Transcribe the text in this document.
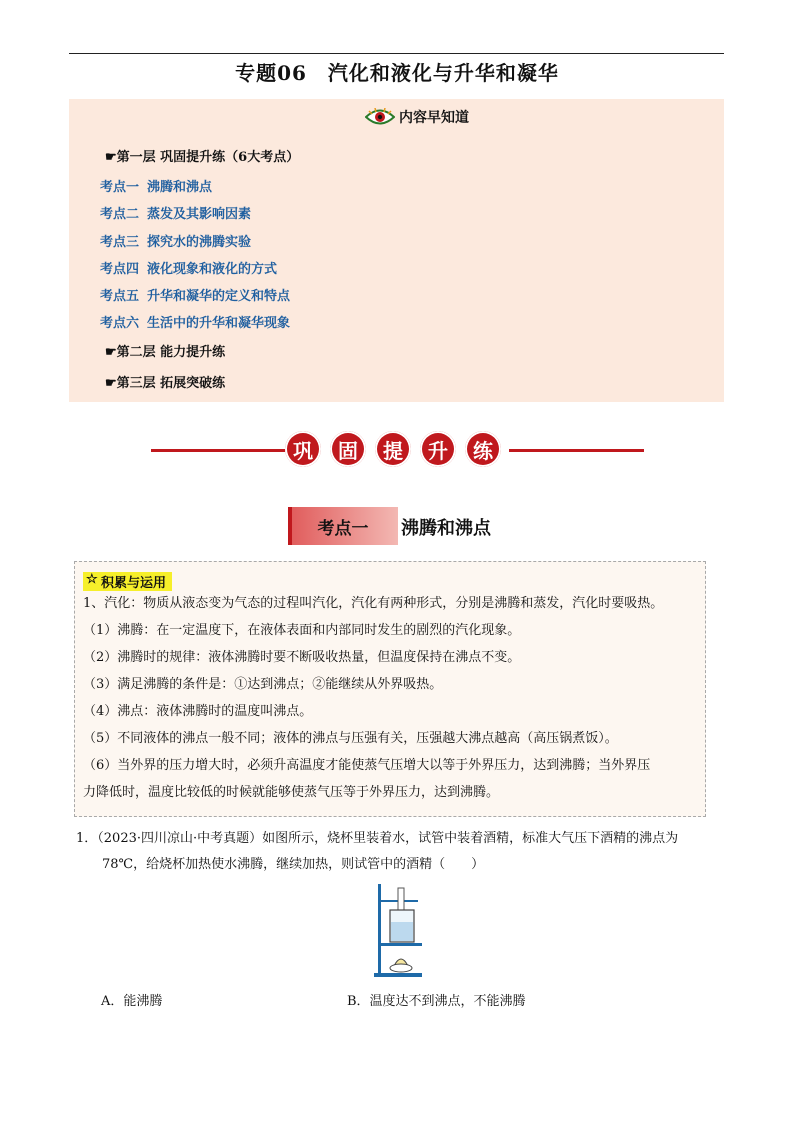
专题06　汽化和液化与升华和凝华
内容早知道
☛第一层 巩固提升练（6大考点）
考点一 沸腾和沸点
考点二 蒸发及其影响因素
考点三 探究水的沸腾实验
考点四 液化现象和液化的方式
考点五 升华和凝华的定义和特点
考点六 生活中的升华和凝华现象
☛第二层 能力提升练
☛第三层 拓展突破练
巩	固	提	升	练
考点一	沸腾和沸点
☆ 积累与运用
1、汽化：物质从液态变为气态的过程叫汽化，汽化有两种形式，分别是沸腾和蒸发，汽化时要吸热。
（1）沸腾：在一定温度下，在液体表面和内部同时发生的剧烈的汽化现象。
（2）沸腾时的规律：液体沸腾时要不断吸收热量，但温度保持在沸点不变。
（3）满足沸腾的条件是：①达到沸点；②能继续从外界吸热。
（4）沸点：液体沸腾时的温度叫沸点。
（5）不同液体的沸点一般不同；液体的沸点与压强有关，压强越大沸点越高（高压锅煮饭）。
（6）当外界的压力增大时，必须升高温度才能使蒸气压增大以等于外界压力，达到沸腾；当外界压
力降低时，温度比较低的时候就能够使蒸气压等于外界压力，达到沸腾。
1．（2023·四川凉山·中考真题）如图所示，烧杯里装着水，试管中装着酒精，标准大气压下酒精的沸点为
78℃，给烧杯加热使水沸腾，继续加热，则试管中的酒精（　　）
A．能沸腾	B．温度达不到沸点，不能沸腾
